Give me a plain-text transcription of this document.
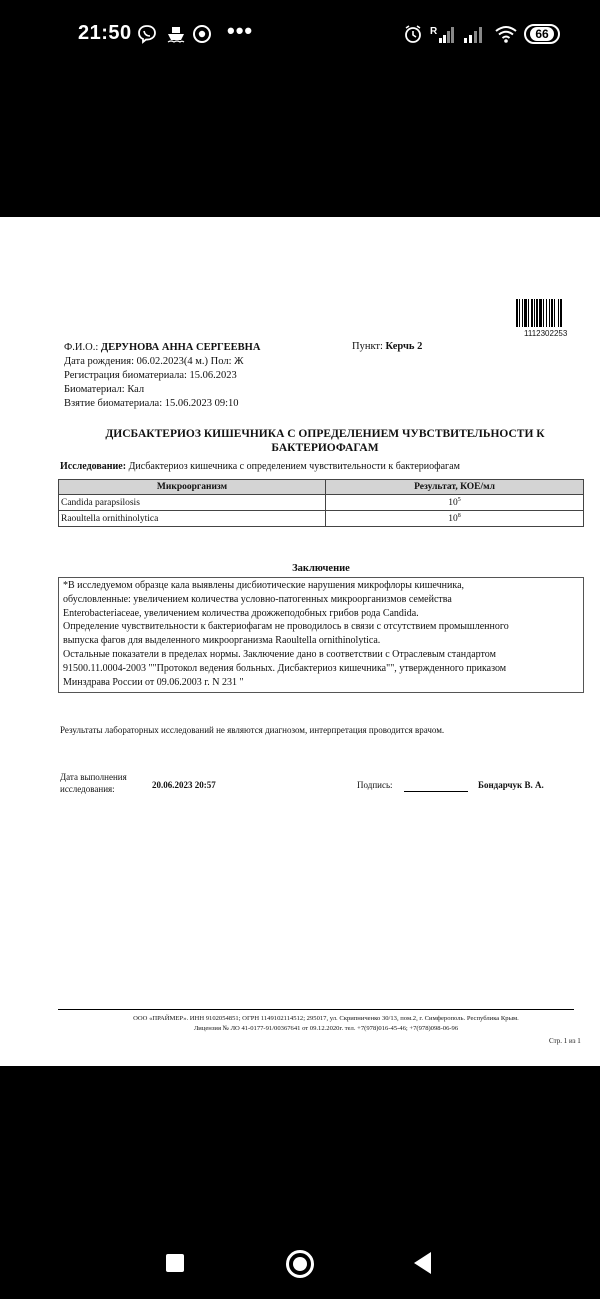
21:50	•••	R	66
1112302253
Ф.И.О.: ДЕРУНОВА АННА СЕРГЕЕВНА
Дата рождения: 06.02.2023(4 м.) Пол: Ж
Регистрация биоматериала: 15.06.2023
Биоматериал: Кал
Взятие биоматериала: 15.06.2023 09:10
Пункт: Керчь 2
ДИСБАКТЕРИОЗ КИШЕЧНИКА С ОПРЕДЕЛЕНИЕМ ЧУВСТВИТЕЛЬНОСТИ К
БАКТЕРИОФАГАМ
Исследование: Дисбактериоз кишечника с определением чувствительности к бактериофагам
Микроорганизм	Результат, КОЕ/мл
Candida parapsilosis	$10^5$
Raoultella ornithinolytica	$10^8$
Заключение

*В исследуемом образце кала выявлены дисбиотические нарушения микрофлоры кишечника,

обусловленные: увеличением количества условно-патогенных микроорганизмов семейства

Enterobacteriaceae, увеличением количества дрожжеподобных грибов рода Candida.

Определение чувствительности к бактериофагам не проводилось в связи с отсутствием промышленного

выпуска фагов для выделенного микроорганизма Raoultella ornithinolytica.

Остальные показатели в пределах нормы. Заключение дано в соответствии с Отраслевым стандартом

91500.11.0004-2003 ""Протокол ведения больных. Дисбактериоз кишечника"", утвержденного приказом

Минздрава России от 09.06.2003 г. N 231 "

Результаты лабораторных исследований не являются диагнозом, интерпретация проводится врачом.
Дата выполнения
исследования:	20.06.2023 20:57	Подпись:	Бондарчук В. А.
ООО «ПРАЙМЕР». ИНН 9102054851; ОГРН 1149102114512; 295017, ул. Скрипниченко 30/13, пом.2, г. Симферополь. Республика Крым.
Лицензия № ЛО 41-0177-91/00367641 от 09.12.2020г. тел. +7(978)016-45-46; +7(978)098-06-96
Стр. 1 из 1
